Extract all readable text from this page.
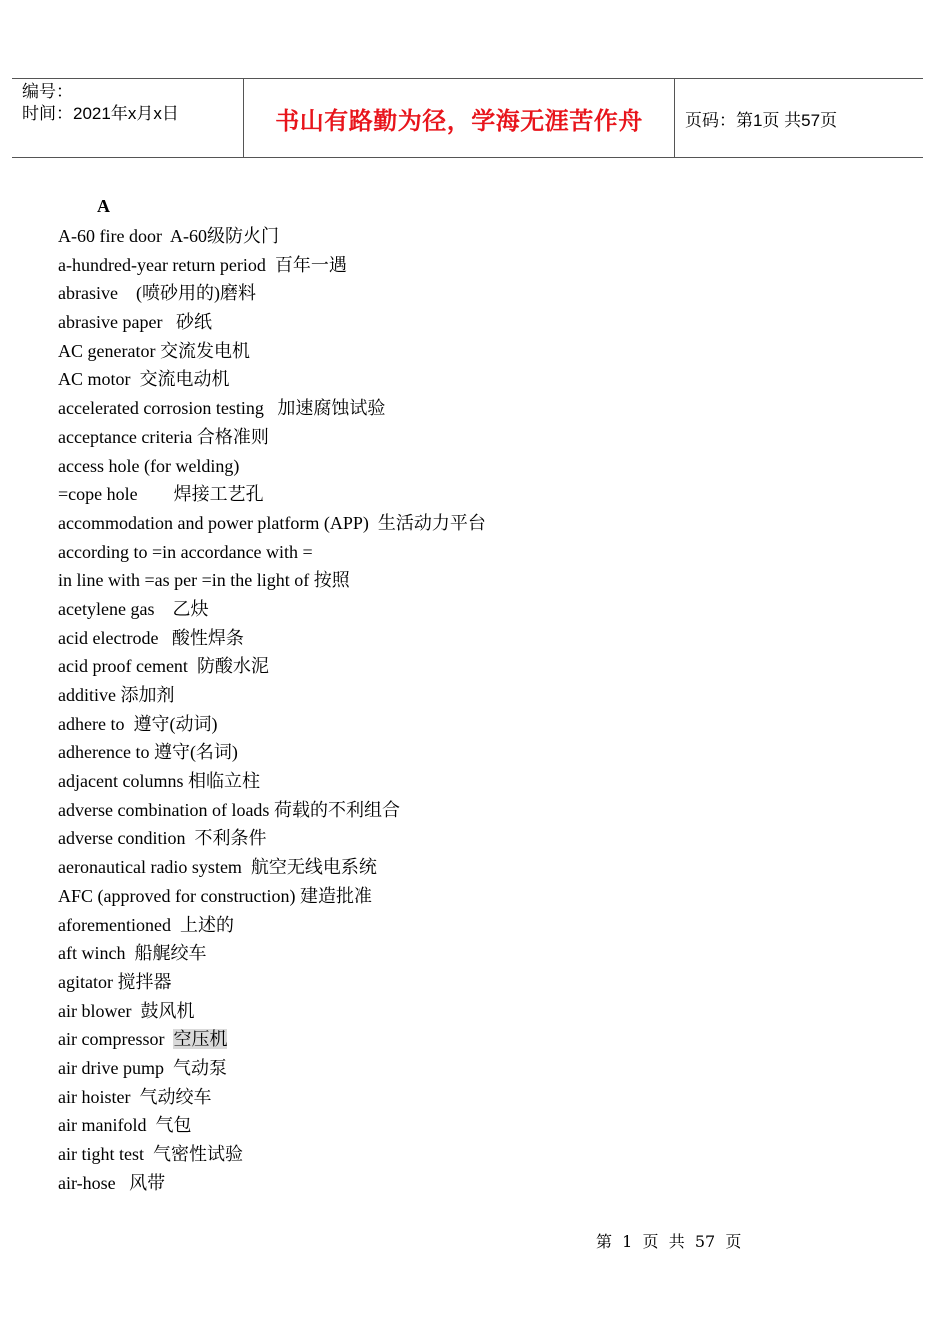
编号：
时间：2021年x月x日	书山有路勤为径，学海无涯苦作舟 页码：第1页 共57页
A
A-60 fire door  A-60级防火门
a-hundred-year return period  百年一遇
abrasive    (喷砂用的)磨料
abrasive paper   砂纸
AC generator 交流发电机
AC motor  交流电动机
accelerated corrosion testing   加速腐蚀试验
acceptance criteria 合格准则
access hole (for welding)
=cope hole        焊接工艺孔
accommodation and power platform (APP)  生活动力平台
according to =in accordance with =
in line with =as per =in the light of 按照
acetylene gas    乙炔
acid electrode   酸性焊条
acid proof cement  防酸水泥
additive 添加剂
adhere to  遵守(动词)
adherence to 遵守(名词)
adjacent columns 相临立柱
adverse combination of loads 荷载的不利组合
adverse condition  不利条件
aeronautical radio system  航空无线电系统
AFC (approved for construction) 建造批准
aforementioned  上述的
aft winch  船艉绞车
agitator 搅拌器
air blower  鼓风机
air compressor  空压机
air drive pump  气动泵
air hoister  气动绞车
air manifold  气包
air tight test  气密性试验
air-hose   风带
第  1  页  共  57  页
